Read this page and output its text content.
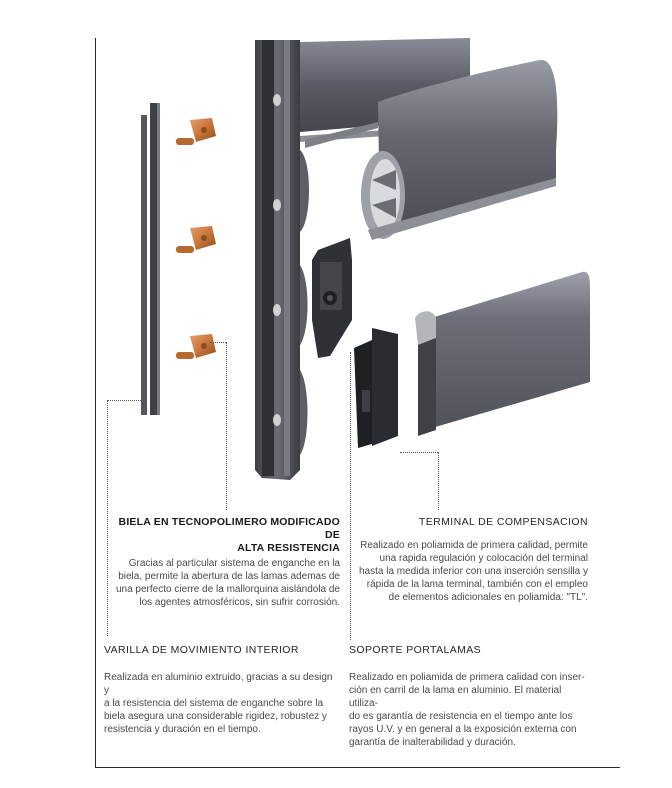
BIELA EN TECNOPOLIMERO MODIFICADO DE
ALTA RESISTENCIA
Gracias al particular sistema de enganche en la
biela, permite la abertura de las lamas ademas de
una perfecto cierre de la mallorquina aislándola de
los agentes atmosféricos, sin sufrir corrosión.
TERMINAL DE COMPENSACION
Realizado en poliamida de primera calidad, permite
una rapida regulación y colocación del terminal
hasta la medida inferior con una inserción sensilla y
rápida de la lama terminal, también con el empleo
de elementos adicionales en poliamida: "TL".
VARILLA DE MOVIMIENTO INTERIOR
Realizada en aluminio extruido, gracias a su design y
a la resistencia del sistema de enganche sobre la
biela asegura una considerable rigidez, robustez y
resistencia y duración en el tiempo.
SOPORTE PORTALAMAS
Realizado en poliamida de primera calidad con inser-
ción en carril de la lama en aluminio. El material utiliza-
do es garantía de resistencia en el tiempo ante los
rayos U.V. y en general a la exposición externa con
garantía de inalterabilidad y duración.
